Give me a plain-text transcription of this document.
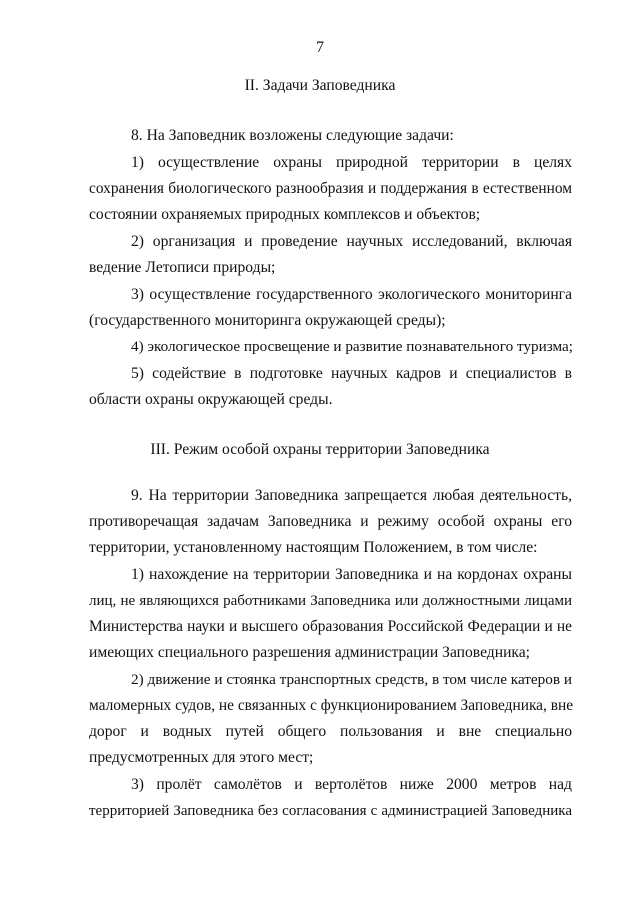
7
II. Задачи Заповедника
8. На Заповедник возложены следующие задачи:
1) осуществление охраны природной территории в целях
сохранения биологического разнообразия и поддержания в естественном
состоянии охраняемых природных комплексов и объектов;
2) организация и проведение научных исследований, включая
ведение Летописи природы;
3) осуществление государственного экологического мониторинга
(государственного мониторинга окружающей среды);
4) экологическое просвещение и развитие познавательного туризма;
5) содействие в подготовке научных кадров и специалистов в
области охраны окружающей среды.
III. Режим особой охраны территории Заповедника
9. На территории Заповедника запрещается любая деятельность,
противоречащая задачам Заповедника и режиму особой охраны его
территории, установленному настоящим Положением, в том числе:
1) нахождение на территории Заповедника и на кордонах охраны
лиц, не являющихся работниками Заповедника или должностными лицами
Министерства науки и высшего образования Российской Федерации и не
имеющих специального разрешения администрации Заповедника;
2) движение и стоянка транспортных средств, в том числе катеров и
маломерных судов, не связанных с функционированием Заповедника, вне
дорог и водных путей общего пользования и вне специально
предусмотренных для этого мест;
3) пролёт самолётов и вертолётов ниже 2000 метров над
территорией Заповедника без согласования с администрацией Заповедника
